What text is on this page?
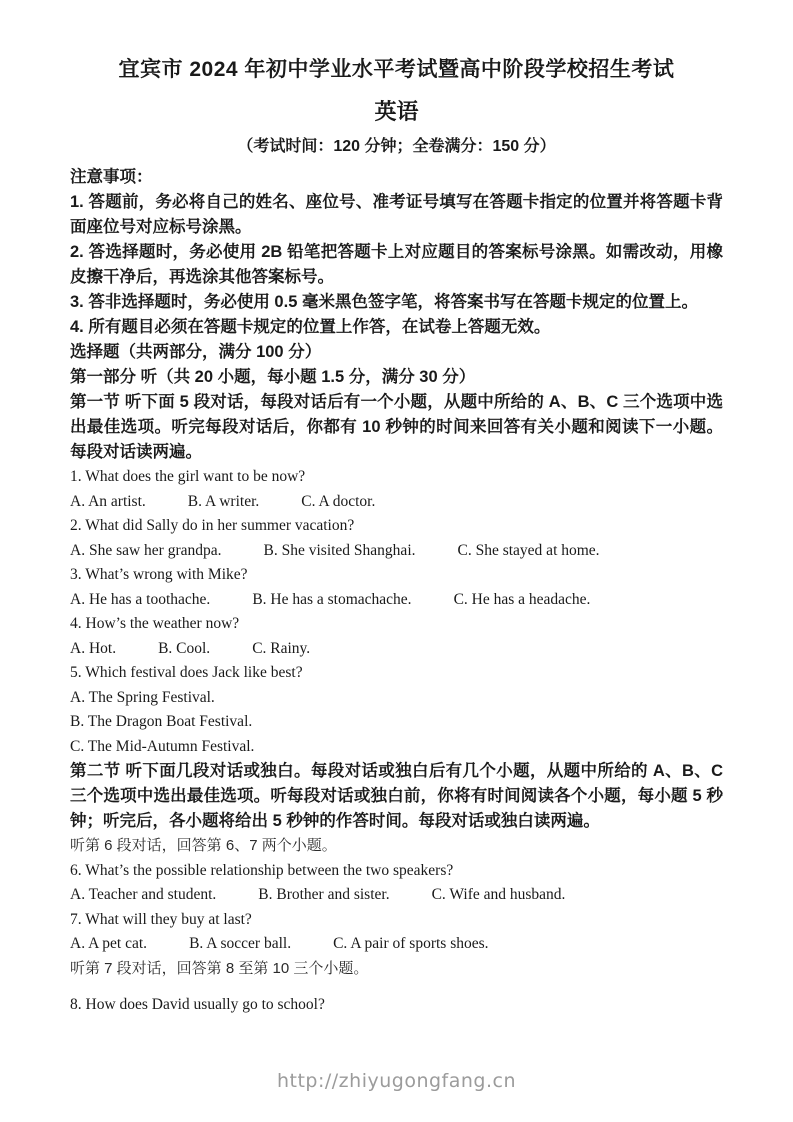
宜宾市 2024 年初中学业水平考试暨高中阶段学校招生考试
英语
（考试时间：120 分钟；全卷满分：150 分）

注意事项：

1. 答题前，务必将自己的姓名、座位号、准考证号填写在答题卡指定的位置并将答题卡背面座位号对应标号涂黑。

2. 答选择题时，务必使用 2B 铅笔把答题卡上对应题目的答案标号涂黑。如需改动，用橡皮擦干净后，再选涂其他答案标号。

3. 答非选择题时，务必使用 0.5 毫米黑色签字笔，将答案书写在答题卡规定的位置上。

4. 所有题目必须在答题卡规定的位置上作答，在试卷上答题无效。

选择题（共两部分，满分 100 分）

第一部分 听（共 20 小题，每小题 1.5 分，满分 30 分）

第一节 听下面 5 段对话，每段对话后有一个小题，从题中所给的 A、B、C 三个选项中选出最佳选项。听完每段对话后，你都有 10 秒钟的时间来回答有关小题和阅读下一小题。每段对话读两遍。

1. What does the girl want to be now?

A. An artist.	B. A writer.	C. A doctor.

2. What did Sally do in her summer vacation?

A. She saw her grandpa.	B. She visited Shanghai.	C. She stayed at home.

3. What’s wrong with Mike?

A. He has a toothache.	B. He has a stomachache.	C. He has a headache.

4. How’s the weather now?

A. Hot.	B. Cool.	C. Rainy.

5. Which festival does Jack like best?

A. The Spring Festival.

B. The Dragon Boat Festival.

C. The Mid-Autumn Festival.

第二节 听下面几段对话或独白。每段对话或独白后有几个小题，从题中所给的 A、B、C 三个选项中选出最佳选项。听每段对话或独白前，你将有时间阅读各个小题，每小题 5 秒钟；听完后，各小题将给出 5 秒钟的作答时间。每段对话或独白读两遍。

听第 6 段对话，回答第 6、7 两个小题。

6. What’s the possible relationship between the two speakers?

A. Teacher and student.	B. Brother and sister.	C. Wife and husband.

7. What will they buy at last?

A. A pet cat.	B. A soccer ball.	C. A pair of sports shoes.

听第 7 段对话，回答第 8 至第 10 三个小题。

8. How does David usually go to school?

http://zhiyugongfang.cn
